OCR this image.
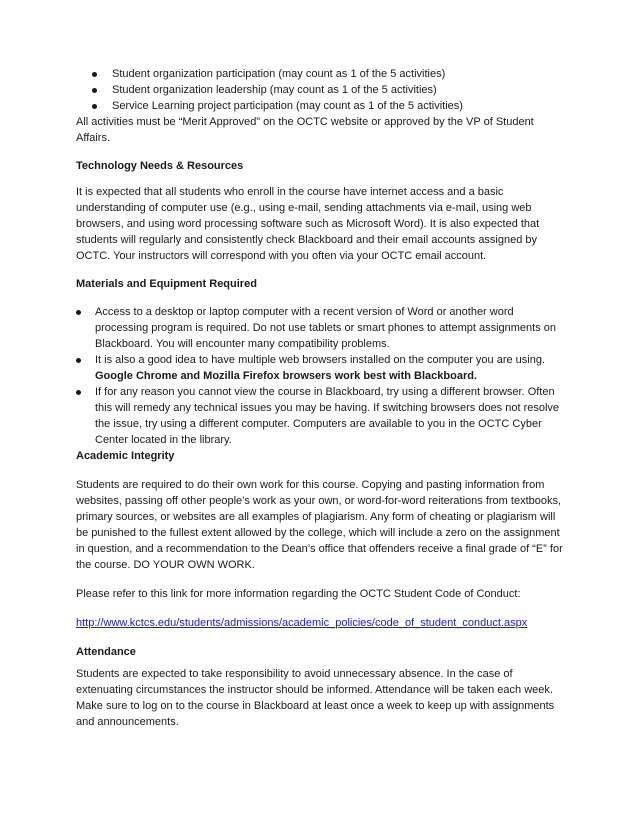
Student organization participation (may count as 1 of the 5 activities)
Student organization leadership (may count as 1 of the 5 activities)
Service Learning project participation (may count as 1 of the 5 activities)

All activities must be “Merit Approved” on the OCTC website or approved by the VP of Student Affairs.

Technology Needs & Resources

It is expected that all students who enroll in the course have internet access and a basic understanding of computer use (e.g., using e-mail, sending attachments via e-mail, using web browsers, and using word processing software such as Microsoft Word). It is also expected that students will regularly and consistently check Blackboard and their email accounts assigned by OCTC. Your instructors will correspond with you often via your OCTC email account.

Materials and Equipment Required

Access to a desktop or laptop computer with a recent version of Word or another word processing program is required. Do not use tablets or smart phones to attempt assignments on Blackboard. You will encounter many compatibility problems.
It is also a good idea to have multiple web browsers installed on the computer you are using.
Google Chrome and Mozilla Firefox browsers work best with Blackboard.
If for any reason you cannot view the course in Blackboard, try using a different browser. Often this will remedy any technical issues you may be having. If switching browsers does not resolve the issue, try using a different computer. Computers are available to you in the OCTC Cyber Center located in the library.

Academic Integrity

Students are required to do their own work for this course. Copying and pasting information from websites, passing off other people’s work as your own, or word-for-word reiterations from textbooks, primary sources, or websites are all examples of plagiarism. Any form of cheating or plagiarism will be punished to the fullest extent allowed by the college, which will include a zero on the assignment in question, and a recommendation to the Dean’s office that offenders receive a final grade of “E” for the course. DO YOUR OWN WORK.

Please refer to this link for more information regarding the OCTC Student Code of Conduct:

http://www.kctcs.edu/students/admissions/academic_policies/code_of_student_conduct.aspx

Attendance

Students are expected to take responsibility to avoid unnecessary absence. In the case of extenuating circumstances the instructor should be informed. Attendance will be taken each week. Make sure to log on to the course in Blackboard at least once a week to keep up with assignments and announcements.
